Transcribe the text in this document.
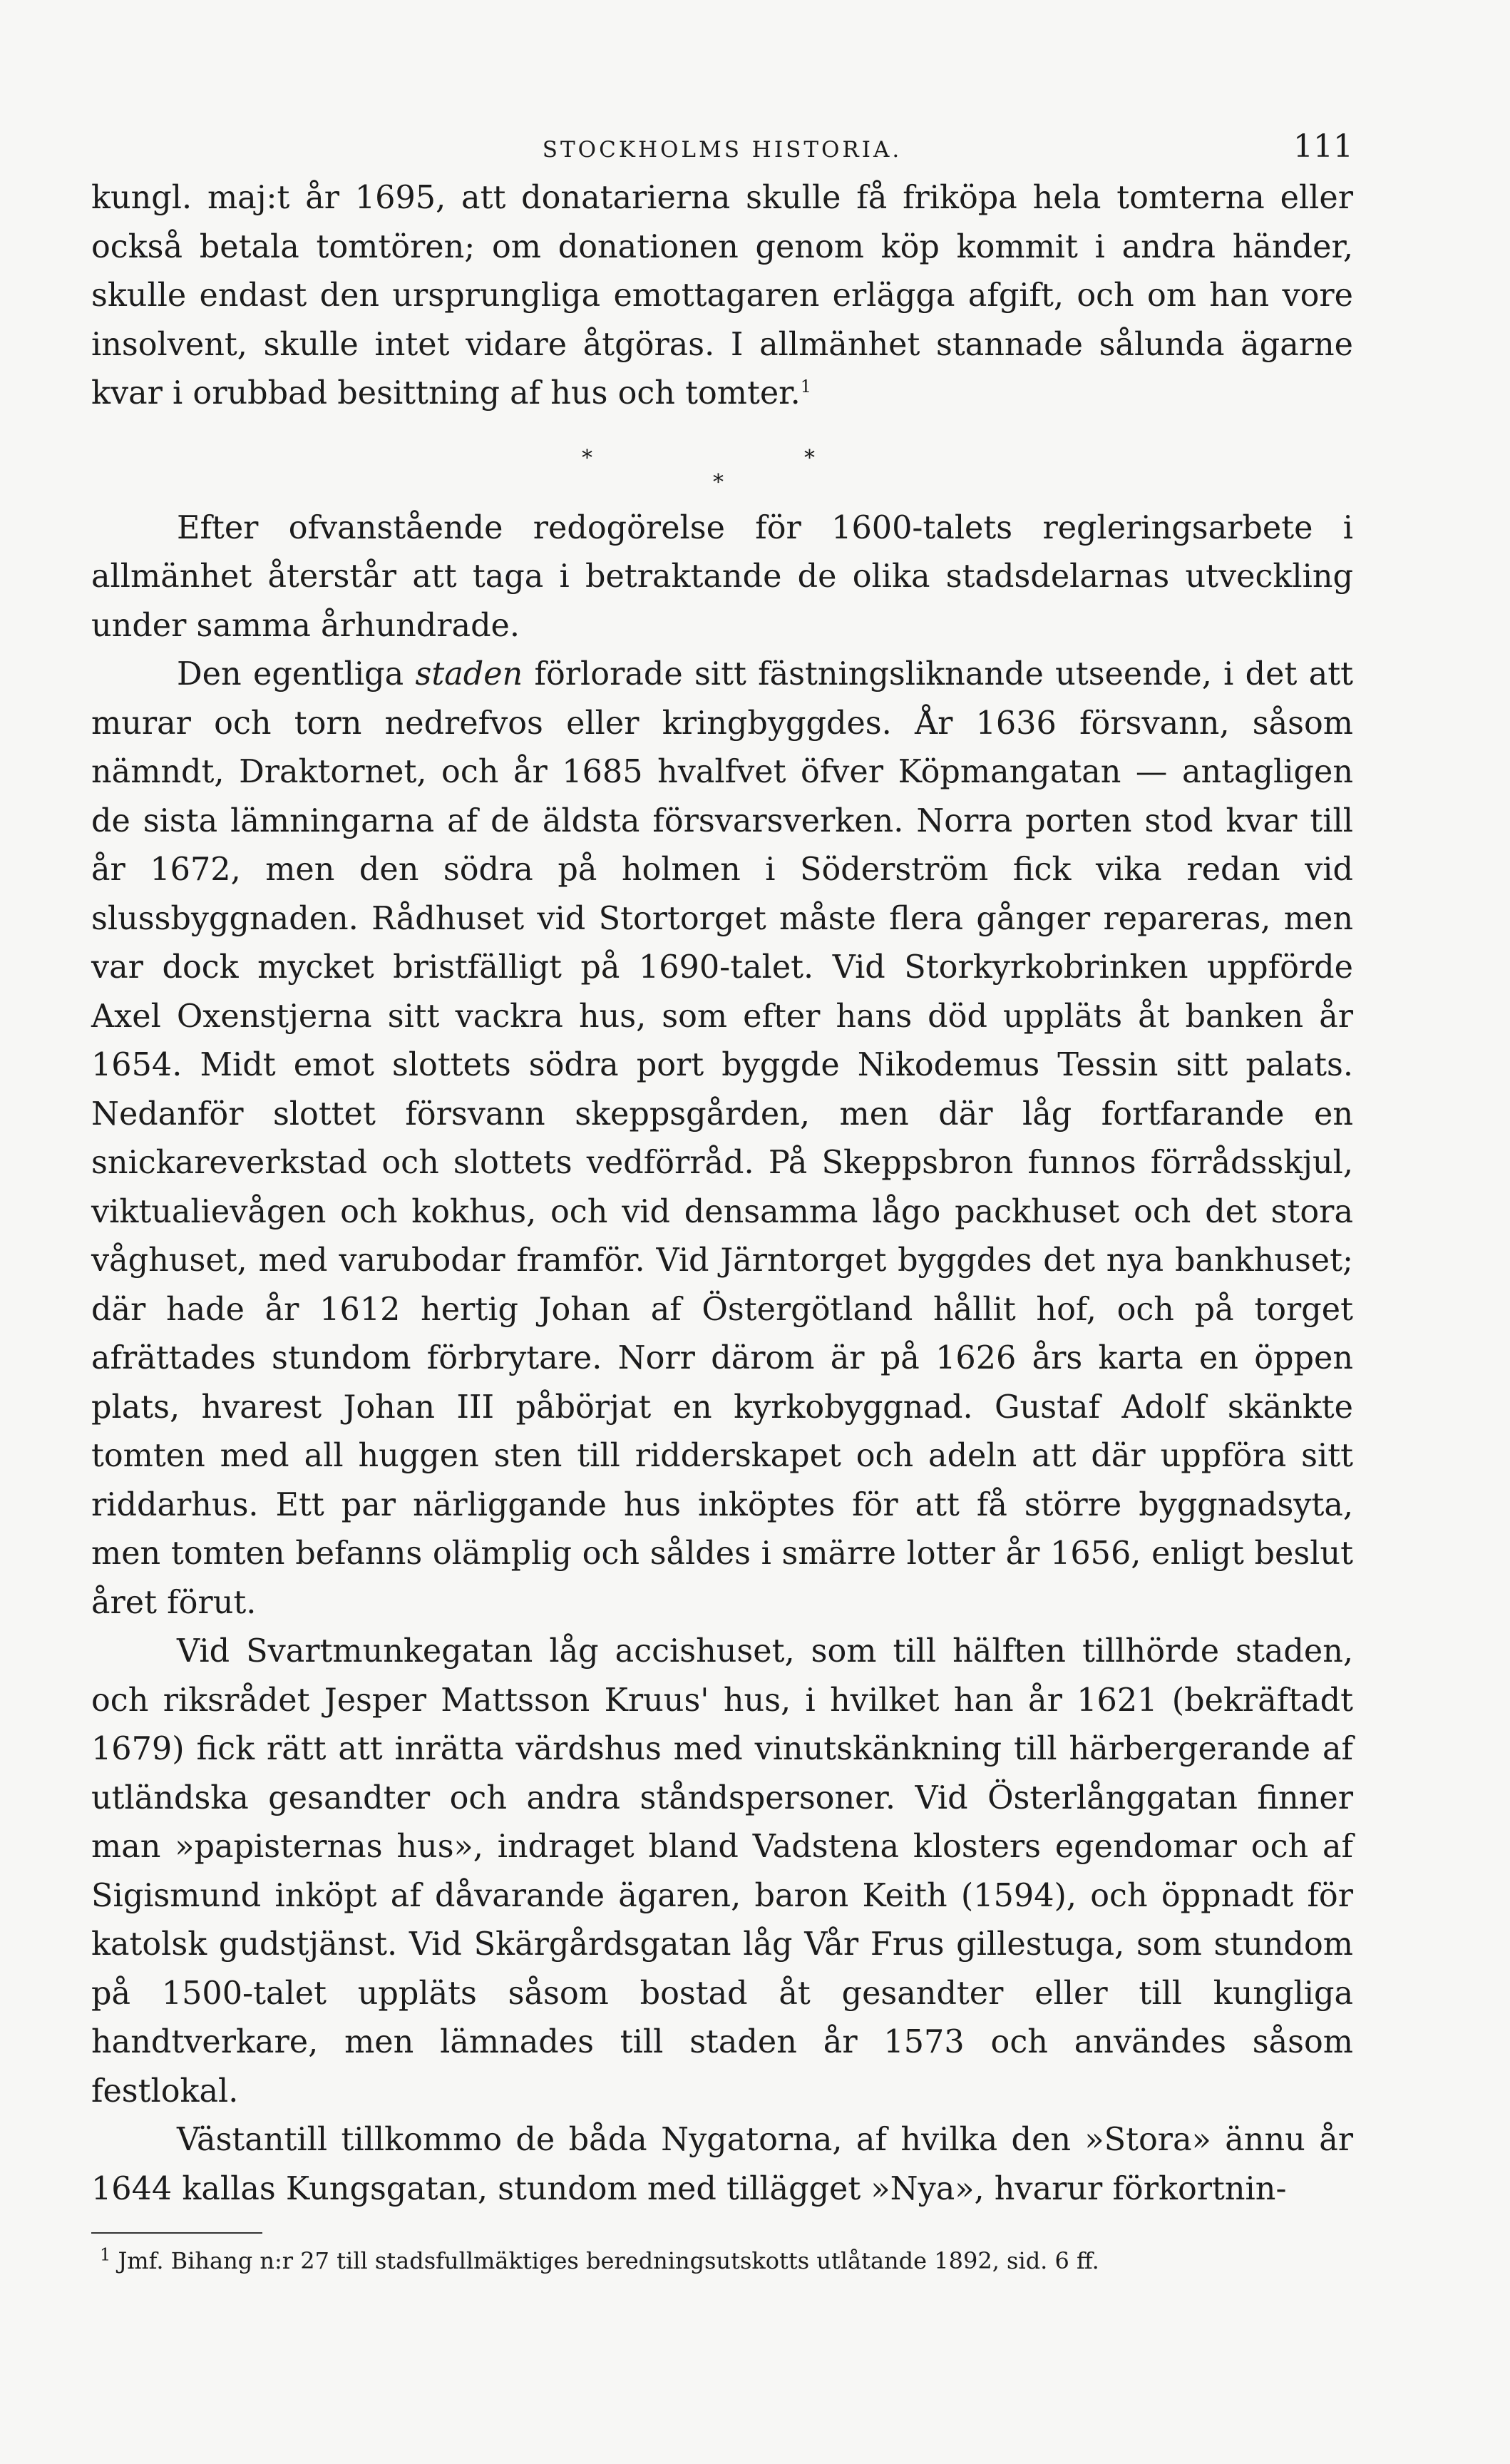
STOCKHOLMS HISTORIA.	111

kungl. maj:t år 1695, att donatarierna skulle få friköpa hela tomterna eller också betala tomtören; om donationen genom köp kommit i andra händer, skulle endast den ursprungliga emottagaren erlägga afgift, och om han vore insolvent, skulle intet vidare åtgöras. I allmänhet stannade sålunda ägarne kvar i orubbad besittning af hus och tomter.$^1$

*	*
*

Efter ofvanstående redogörelse för 1600-talets regleringsarbete i allmänhet återstår att taga i betraktande de olika stadsdelarnas utveckling under samma århundrade.

Den egentliga staden förlorade sitt fästningsliknande utseende, i det att murar och torn nedrefvos eller kringbyggdes. År 1636 försvann, såsom nämndt, Draktornet, och år 1685 hvalfvet öfver Köpmangatan — antagligen de sista lämningarna af de äldsta försvarsverken. Norra porten stod kvar till år 1672, men den södra på holmen i Söderström fick vika redan vid slussbyggnaden. Rådhuset vid Stortorget måste flera gånger repareras, men var dock mycket bristfälligt på 1690-talet. Vid Storkyrkobrinken uppförde Axel Oxenstjerna sitt vackra hus, som efter hans död uppläts åt banken år 1654. Midt emot slottets södra port byggde Nikodemus Tessin sitt palats. Nedanför slottet försvann skeppsgården, men där låg fortfarande en snickareverkstad och slottets vedförråd. På Skeppsbron funnos förrådsskjul, viktualievågen och kokhus, och vid densamma lågo packhuset och det stora våghuset, med varubodar framför. Vid Järntorget byggdes det nya bankhuset; där hade år 1612 hertig Johan af Östergötland hållit hof, och på torget afrättades stundom förbrytare. Norr därom är på 1626 års karta en öppen plats, hvarest Johan III påbörjat en kyrkobyggnad. Gustaf Adolf skänkte tomten med all huggen sten till ridderskapet och adeln att där uppföra sitt riddarhus. Ett par närliggande hus inköptes för att få större byggnadsyta, men tomten befanns olämplig och såldes i smärre lotter år 1656, enligt beslut året förut.

Vid Svartmunkegatan låg accishuset, som till hälften tillhörde staden, och riksrådet Jesper Mattsson Kruus' hus, i hvilket han år 1621 (bekräftadt 1679) fick rätt att inrätta värdshus med vinutskänkning till härbergerande af utländska gesandter och andra ståndspersoner. Vid Österlånggatan finner man »papisternas hus», indraget bland Vadstena klosters egendomar och af Sigismund inköpt af dåvarande ägaren, baron Keith (1594), och öppnadt för katolsk gudstjänst. Vid Skärgårdsgatan låg Vår Frus gillestuga, som stundom på 1500-talet uppläts såsom bostad åt gesandter eller till kungliga handtverkare, men lämnades till staden år 1573 och användes såsom festlokal.

Västantill tillkommo de båda Nygatorna, af hvilka den »Stora» ännu år 1644 kallas Kungsgatan, stundom med tillägget »Nya», hvarur förkortnin-

$^1$ Jmf. Bihang n:r 27 till stadsfullmäktiges beredningsutskotts utlåtande 1892, sid. 6 ff.
